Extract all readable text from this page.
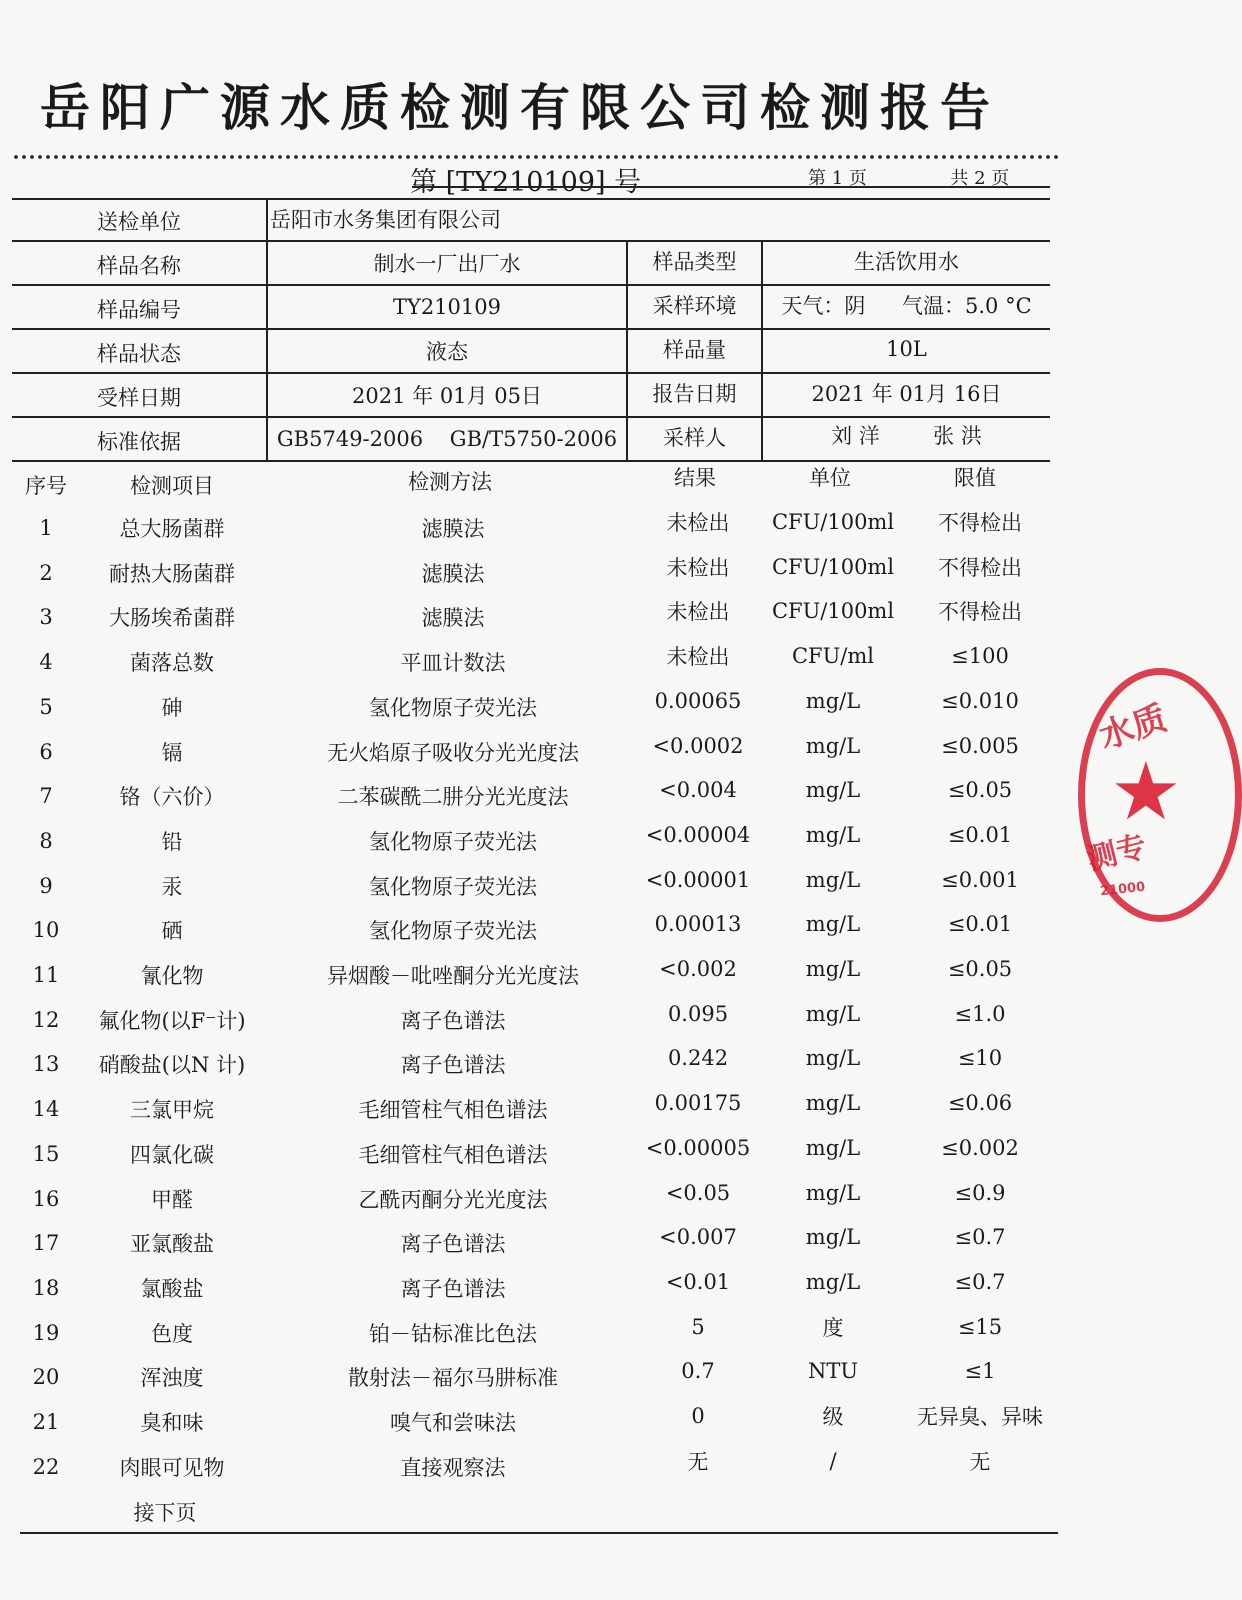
岳阳广源水质检测有限公司检测报告
第 [TY210109] 号	第 1 页	共 2 页
送检单位	岳阳市水务集团有限公司
样品名称	制水一厂出厂水	样品类型	生活饮用水
样品编号	TY210109	采样环境	天气：阴 气温：5.0 °C
样品状态	液态	样品量	10L
受样日期	2021 年 01月 05日	报告日期	2021 年 01月 16日
标准依据	GB5749-2006    GB/T5750-2006	采样人	刘 洋        张 洪
序号	检测项目	检测方法	结果	单位	限值
1	总大肠菌群	滤膜法	未检出	CFU/100ml	不得检出
2	耐热大肠菌群	滤膜法	未检出	CFU/100ml	不得检出
3	大肠埃希菌群	滤膜法	未检出	CFU/100ml	不得检出
4	菌落总数	平皿计数法	未检出	CFU/ml	≤100
5	砷	氢化物原子荧光法	0.00065	mg/L	≤0.010
6	镉	无火焰原子吸收分光光度法	<0.0002	mg/L	≤0.005
7	铬（六价）	二苯碳酰二肼分光光度法	<0.004	mg/L	≤0.05
8	铅	氢化物原子荧光法	<0.00004	mg/L	≤0.01
9	汞	氢化物原子荧光法	<0.00001	mg/L	≤0.001
10	硒	氢化物原子荧光法	0.00013	mg/L	≤0.01
11	氰化物	异烟酸－吡唑酮分光光度法	<0.002	mg/L	≤0.05
12	氟化物(以F⁻计)	离子色谱法	0.095	mg/L	≤1.0
13	硝酸盐(以N 计)	离子色谱法	0.242	mg/L	≤10
14	三氯甲烷	毛细管柱气相色谱法	0.00175	mg/L	≤0.06
15	四氯化碳	毛细管柱气相色谱法	<0.00005	mg/L	≤0.002
16	甲醛	乙酰丙酮分光光度法	<0.05	mg/L	≤0.9
17	亚氯酸盐	离子色谱法	<0.007	mg/L	≤0.7
18	氯酸盐	离子色谱法	<0.01	mg/L	≤0.7
19	色度	铂－钴标准比色法	5	度	≤15
20	浑浊度	散射法－福尔马肼标准	0.7	NTU	≤1
21	臭和味	嗅气和尝味法	0	级	无异臭、异味
22	肉眼可见物	直接观察法	无	/	无
接下页
水质
★
测专
21000
